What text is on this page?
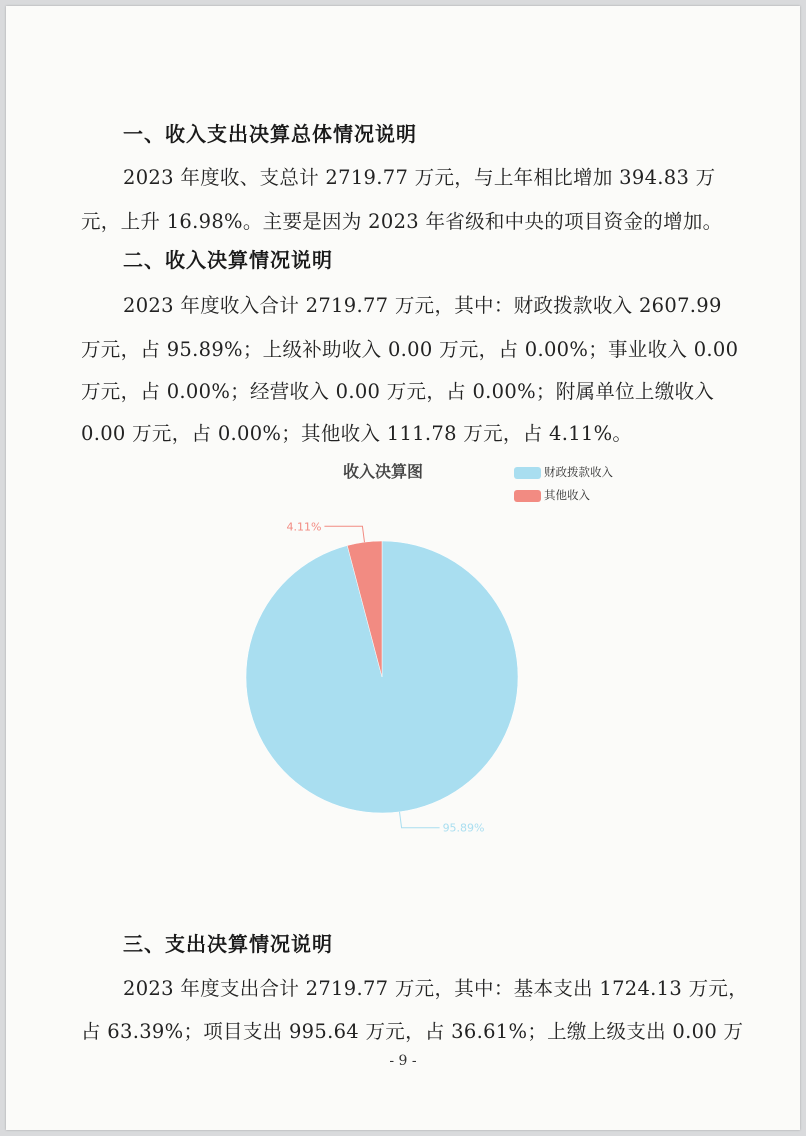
一、收入支出决算总体情况说明
2023 年度收、支总计 2719.77 万元，与上年相比增加 394.83 万
元，上升 16.98%。主要是因为 2023 年省级和中央的项目资金的增加。
二、收入决算情况说明
2023 年度收入合计 2719.77 万元，其中：财政拨款收入 2607.99
万元，占 95.89%；上级补助收入 0.00 万元，占 0.00%；事业收入 0.00
万元，占 0.00%；经营收入 0.00 万元，占 0.00%；附属单位上缴收入
0.00 万元，占 0.00%；其他收入 111.78 万元，占 4.11%。
收入决算图	财政拨款收入
其他收入
95.89%
4.11%
三、支出决算情况说明
2023 年度支出合计 2719.77 万元，其中：基本支出 1724.13 万元，
占 63.39%；项目支出 995.64 万元，占 36.61%；上缴上级支出 0.00 万
- 9 -
